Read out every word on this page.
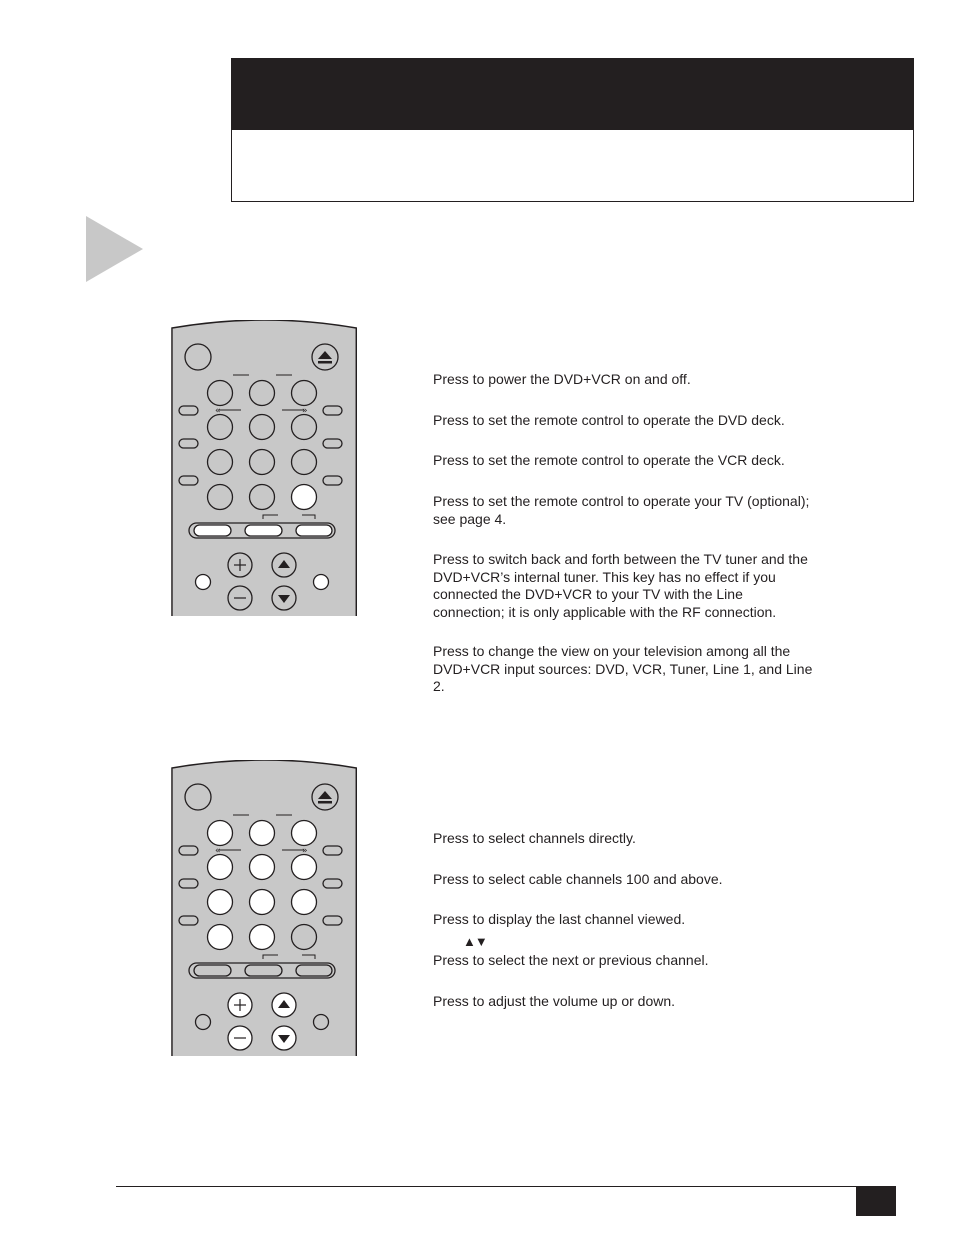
«	»
«	»

Press to power the DVD+VCR on and off.

Press to set the remote control to operate the DVD deck.

Press to set the remote control to operate the VCR deck.

Press to set the remote control to operate your TV (optional); see page 4.

Press to switch back and forth between the TV tuner and the DVD+VCR’s internal tuner. This key has no effect if you connected the DVD+VCR to your TV with the Line connection; it is only applicable with the RF connection.

Press to change the view on your television among all the DVD+VCR input sources: DVD, VCR, Tuner, Line 1, and Line 2.

Press to select channels directly.

Press to select cable channels 100 and above.

Press to display the last channel viewed.

▲▼

Press to select the next or previous channel.

Press to adjust the volume up or down.
